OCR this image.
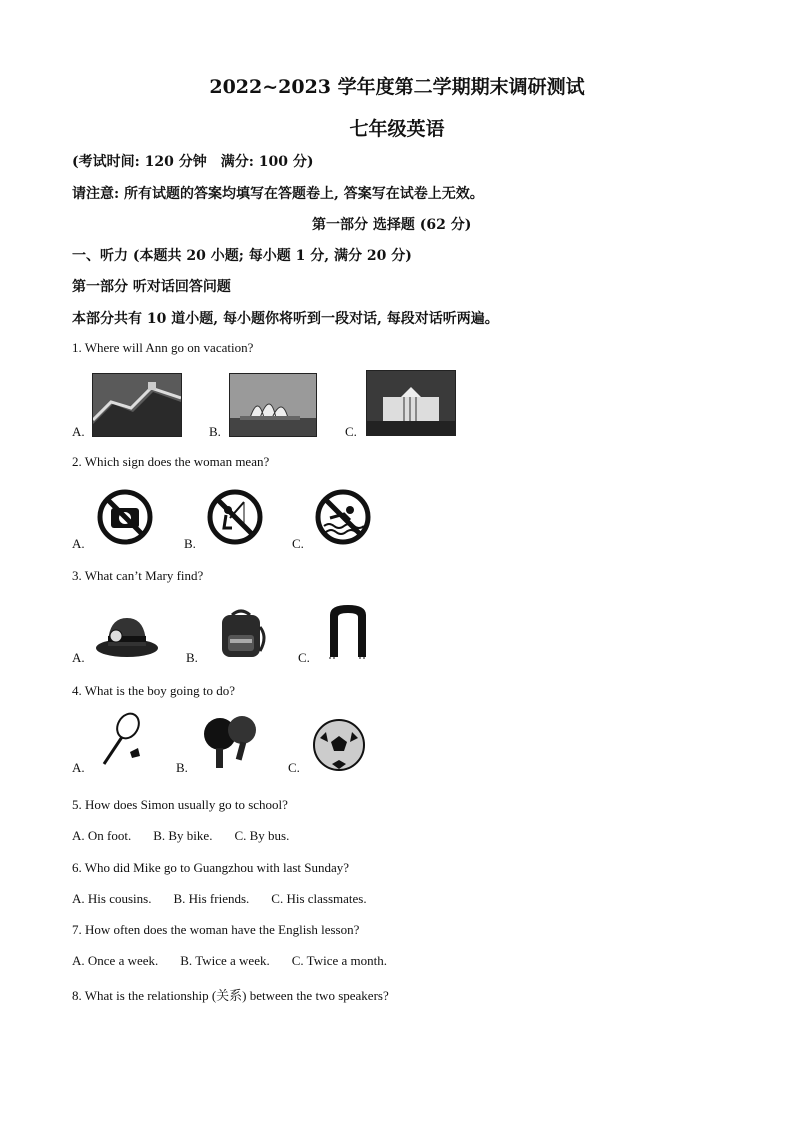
2022~2023 学年度第二学期期末调研测试
七年级英语
(考试时间: 120 分钟　满分: 100 分)
请注意: 所有试题的答案均填写在答题卷上, 答案写在试卷上无效。
第一部分 选择题 (62 分)
一、听力 (本题共 20 小题; 每小题 1 分, 满分 20 分)
第一部分 听对话回答问题
本部分共有 10 道小题, 每小题你将听到一段对话, 每段对话听两遍。
1. Where will Ann go on vacation?
A.	B.	C.
2. Which sign does the woman mean?
A.	B.	C.
3. What can’t Mary find?
A.	B.	C.
4. What is the boy going to do?
A.	B.	C.
5. How does Simon usually go to school?
A. On foot. B. By bike. C. By bus.
6. Who did Mike go to Guangzhou with last Sunday?
A. His cousins. B. His friends. C. His classmates.
7. How often does the woman have the English lesson?
A. Once a week. B. Twice a week. C. Twice a month.
8. What is the relationship (关系) between the two speakers?
